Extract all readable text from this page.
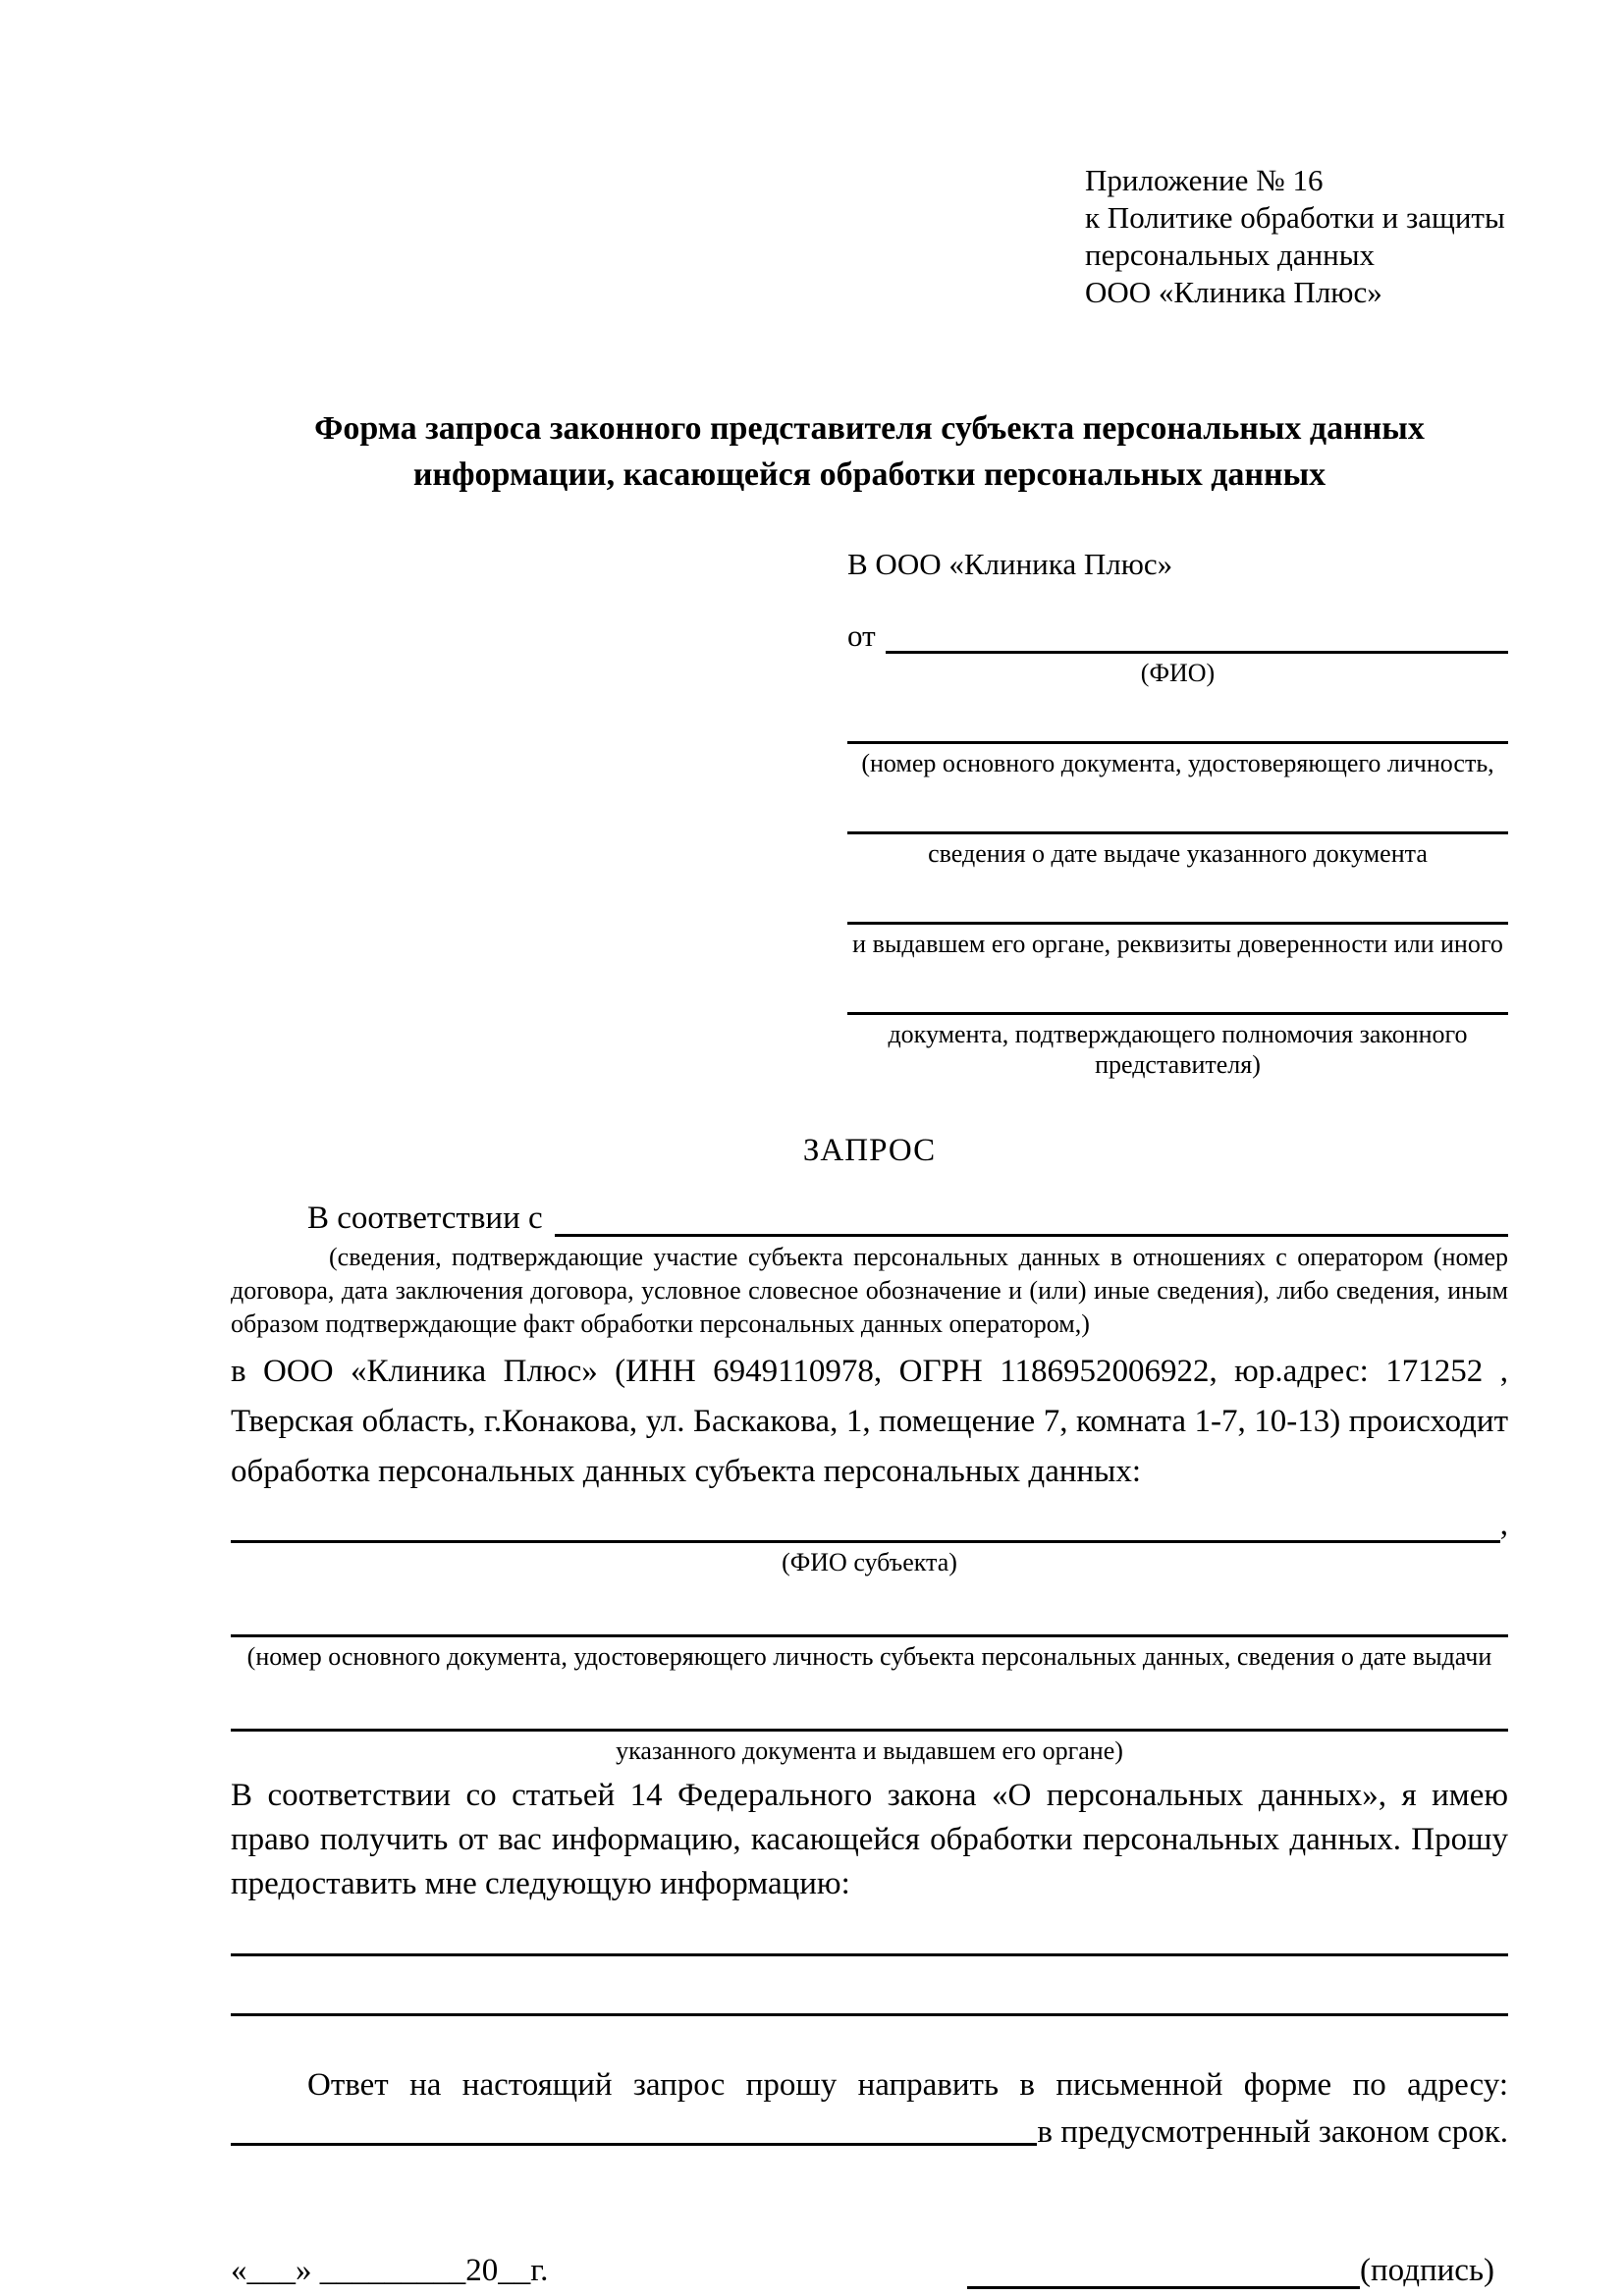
Приложение № 16
к Политике обработки и защиты
персональных данных
ООО «Клиника Плюс»
Форма запроса законного представителя субъекта персональных данных
информации, касающейся обработки персональных данных
В ООО «Клиника Плюс»
от
(ФИО)
(номер основного документа, удостоверяющего личность,
сведения о дате выдаче указанного документа
и выдавшем его органе, реквизиты доверенности или иного
документа, подтверждающего полномочия законного представителя)
ЗАПРОС
В соответствии с
(сведения, подтверждающие участие субъекта персональных данных в отношениях с оператором (номер договора, дата заключения договора, условное словесное обозначение и (или) иные сведения), либо сведения, иным образом подтверждающие факт обработки персональных данных оператором,)

в ООО «Клиника Плюс» (ИНН 6949110978, ОГРН 1186952006922, юр.адрес: 171252 , Тверская область, г.Конакова, ул. Баскакова, 1, помещение 7, комната 1-7, 10-13) происходит обработка персональных данных субъекта персональных данных:

,
(ФИО субъекта)
(номер основного документа, удостоверяющего личность субъекта персональных данных, сведения о дате выдачи
указанного документа и выдавшем его органе)

В соответствии со статьей 14 Федерального закона «О персональных данных», я имею право получить от вас информацию, касающейся обработки персональных данных. Прошу предоставить мне следующую информацию:

Ответ на настоящий запрос прошу направить в письменной форме по адресу:
в предусмотренный законом срок.
«___» _________20__г.	(подпись)
